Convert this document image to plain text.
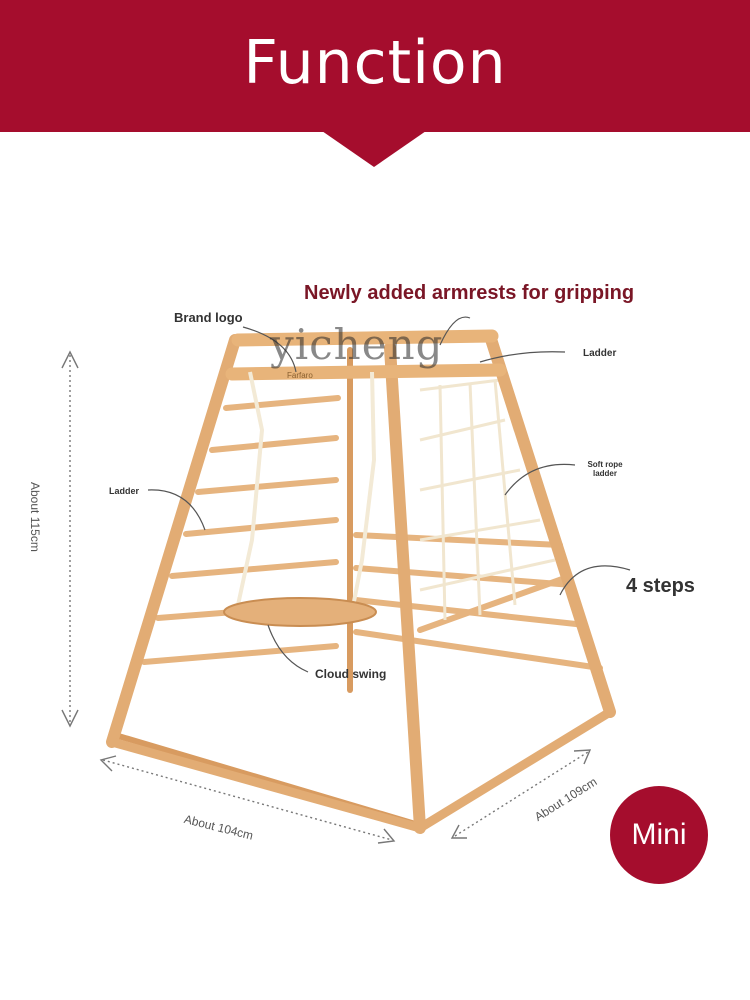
Function
yicheng
Farfaro
Newly added armrests for gripping
Brand logo
Ladder
Ladder
Soft rope
ladder
4 steps
Cloud swing
About 115cm
About 104cm
About 109cm
Mini
